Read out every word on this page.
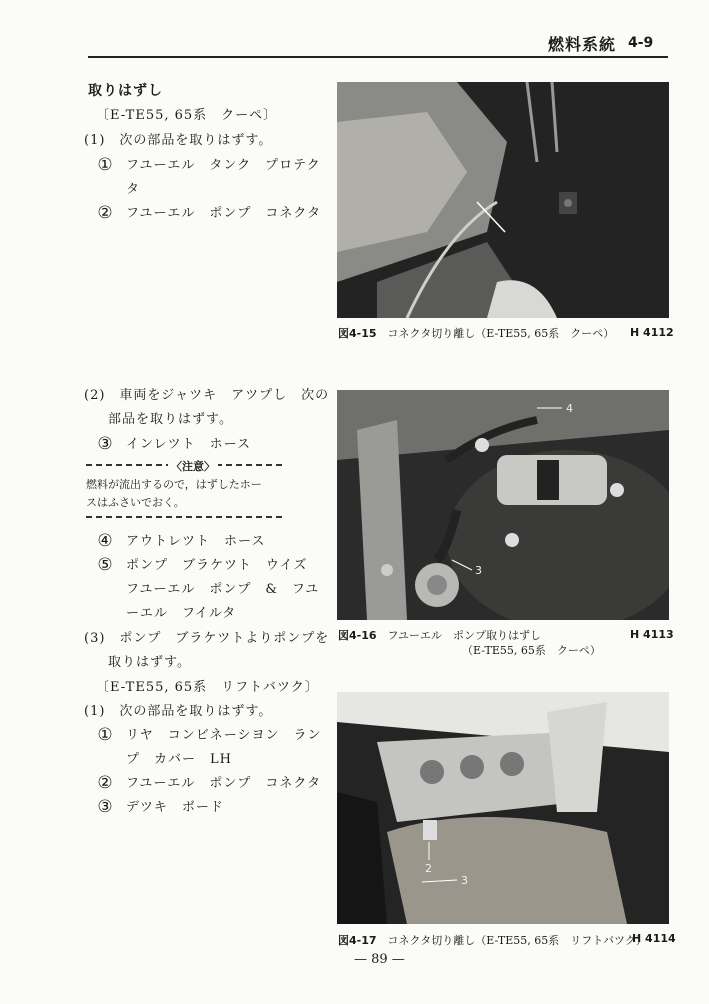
燃料系統 4-9
取りはずし
〔E-TE55, 65系　クーペ〕
(1)　次の部品を取りはずす。
① フユーエル　タンク　プロテク
タ
② フユーエル　ポンプ　コネクタ
(2)　車両をジャツキ　アツプし　次の
部品を取りはずす。
③ インレツト　ホース
〈注意〉
燃料が流出するので，はずしたホー
スはふさいでおく。
④ アウトレツト　ホース
⑤ ポンプ　ブラケツト　ウイズ
フユーエル　ポンプ　&　フユ
ーエル　フイルタ
(3)　ポンプ　ブラケツトよりポンプを
取りはずす。
〔E-TE55, 65系　リフトバツク〕
(1)　次の部品を取りはずす。
① リヤ　コンビネーシヨン　ラン
プ　カバー　LH
② フユーエル　ポンプ　コネクタ
③ デツキ　ボード
図4-15　 コネクタ切り離し（E-TE55, 65系　クーペ） H 4112
4
3
図4-16　 フユーエル　ポンプ取りはずし
（E-TE55, 65系　クーペ）
H 4113
2
3
図4-17　 コネクタ切り離し（E-TE55, 65系　リフトバツク）
H 4114
— 89 —
